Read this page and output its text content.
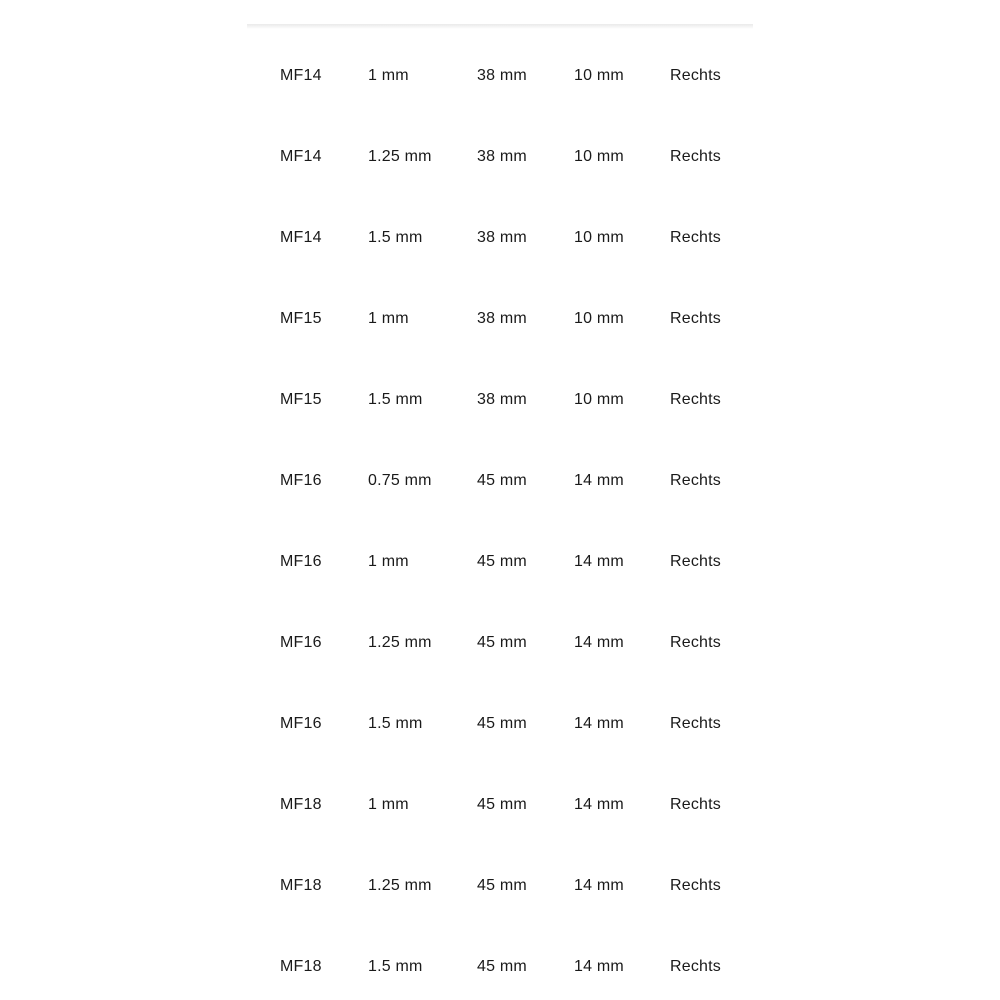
MF14	1 mm	38 mm	10 mm	Rechts
MF14	1.25 mm	38 mm	10 mm	Rechts
MF14	1.5 mm	38 mm	10 mm	Rechts
MF15	1 mm	38 mm	10 mm	Rechts
MF15	1.5 mm	38 mm	10 mm	Rechts
MF16	0.75 mm	45 mm	14 mm	Rechts
MF16	1 mm	45 mm	14 mm	Rechts
MF16	1.25 mm	45 mm	14 mm	Rechts
MF16	1.5 mm	45 mm	14 mm	Rechts
MF18	1 mm	45 mm	14 mm	Rechts
MF18	1.25 mm	45 mm	14 mm	Rechts
MF18	1.5 mm	45 mm	14 mm	Rechts
